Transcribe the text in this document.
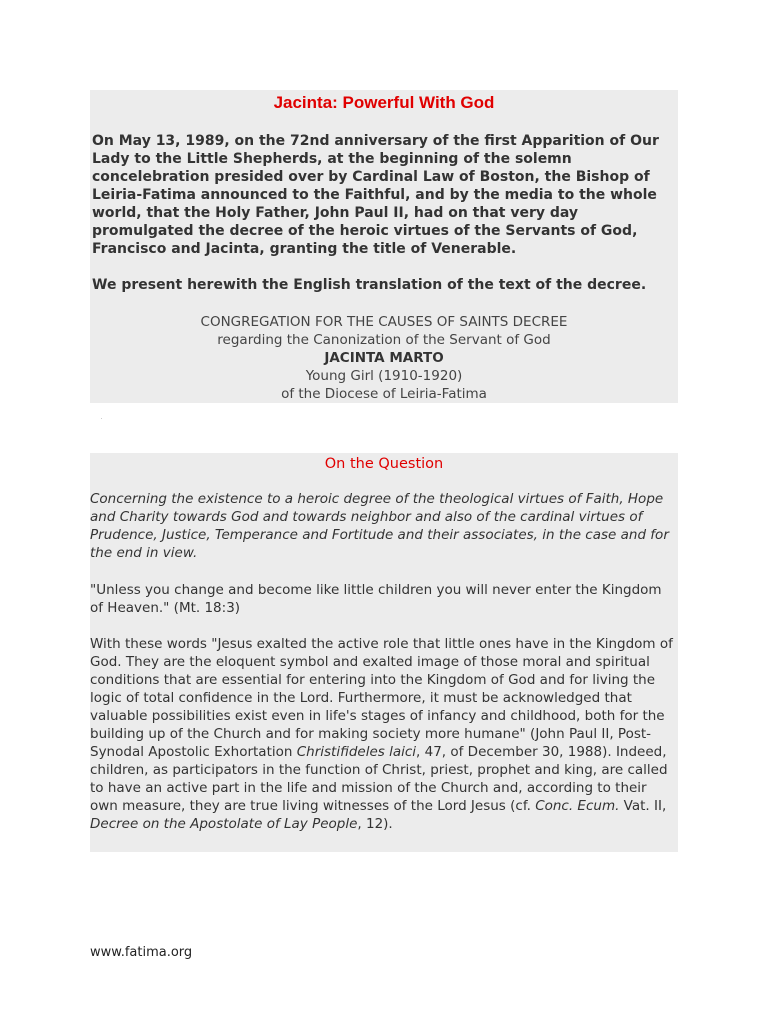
Jacinta: Powerful With God

On May 13, 1989, on the 72nd anniversary of the first Apparition of Our Lady to the Little Shepherds, at the beginning of the solemn concelebration presided over by Cardinal Law of Boston, the Bishop of Leiria-Fatima announced to the Faithful, and by the media to the whole world, that the Holy Father, John Paul II, had on that very day promulgated the decree of the heroic virtues of the Servants of God, Francisco and Jacinta, granting the title of Venerable.

We present herewith the English translation of the text of the decree.

CONGREGATION FOR THE CAUSES OF SAINTS DECREE
regarding the Canonization of the Servant of God
JACINTA MARTO
Young Girl (1910-1920)
of the Diocese of Leiria-Fatima
On the Question

Concerning the existence to a heroic degree of the theological virtues of Faith, Hope and Charity towards God and towards neighbor and also of the cardinal virtues of Prudence, Justice, Temperance and Fortitude and their associates, in the case and for the end in view.

"Unless you change and become like little children you will never enter the Kingdom of Heaven." (Mt. 18:3)

With these words "Jesus exalted the active role that little ones have in the Kingdom of God. They are the eloquent symbol and exalted image of those moral and spiritual conditions that are essential for entering into the Kingdom of God and for living the logic of total confidence in the Lord. Furthermore, it must be acknowledged that valuable possibilities exist even in life's stages of infancy and childhood, both for the building up of the Church and for making society more humane" (John Paul II, Post-Synodal Apostolic Exhortation Christifideles laici, 47, of December 30, 1988). Indeed, children, as participators in the function of Christ, priest, prophet and king, are called to have an active part in the life and mission of the Church and, according to their own measure, they are true living witnesses of the Lord Jesus (cf. Conc. Ecum. Vat. II, Decree on the Apostolate of Lay People, 12).

www.fatima.org
